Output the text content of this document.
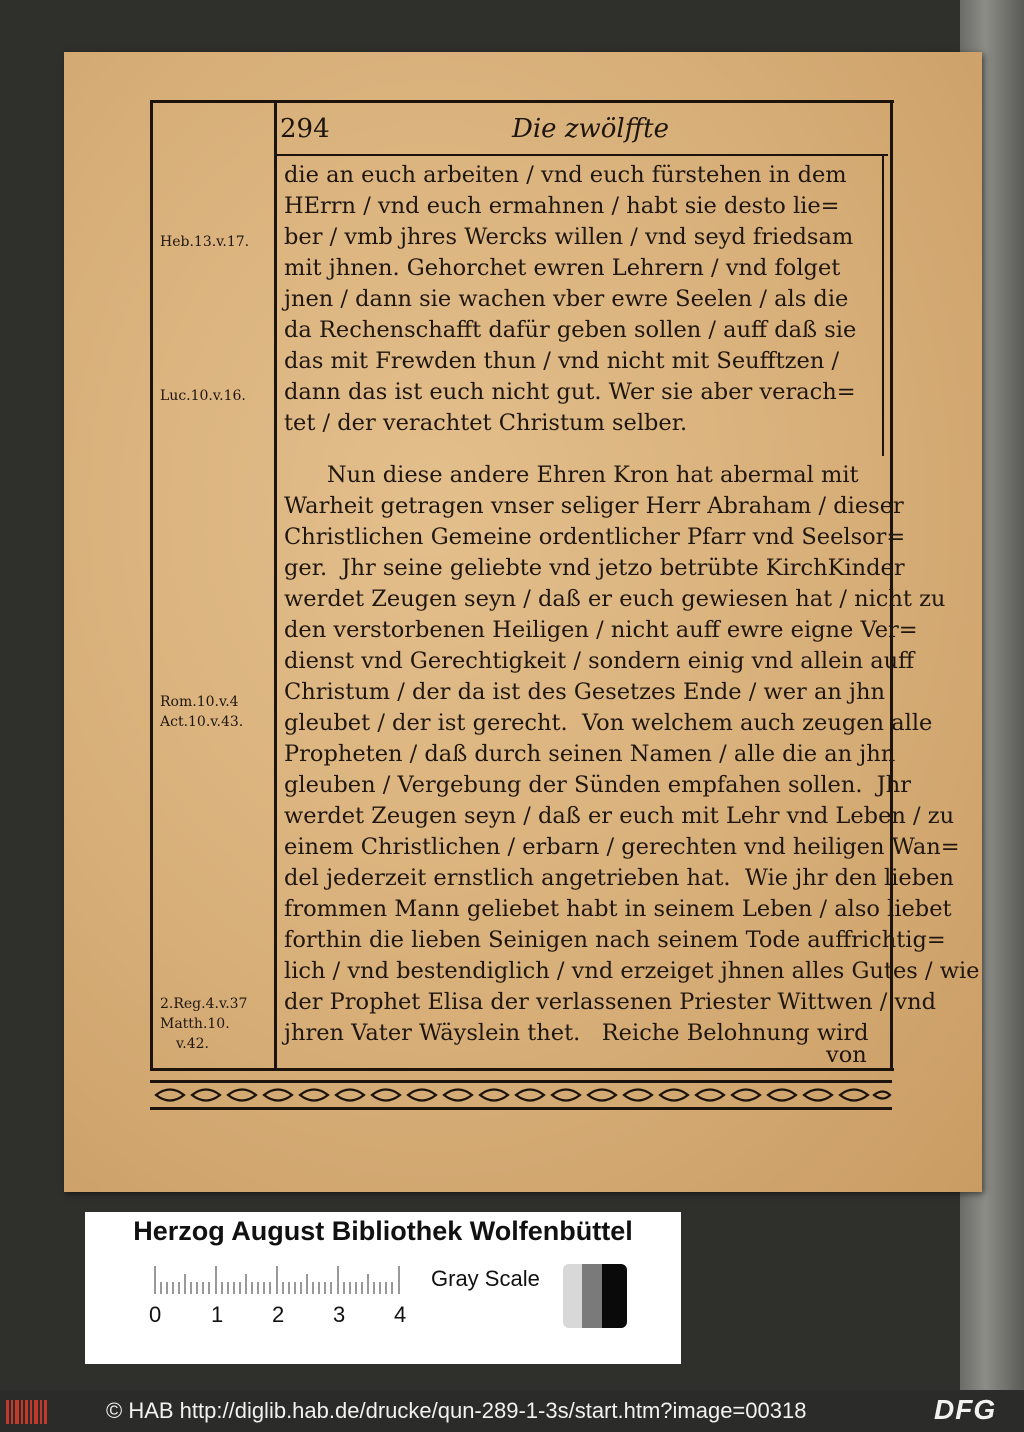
294	Die zwölffte
die an euch arbeiten / vnd euch fürstehen in dem
HErrn / vnd euch ermahnen / habt sie desto lie=
ber / vmb jhres Wercks willen / vnd seyd friedsam
mit jhnen. Gehorchet ewren Lehrern / vnd folget
jnen / dann sie wachen vber ewre Seelen / als die
da Rechenschafft dafür geben sollen / auff daß sie
das mit Frewden thun / vnd nicht mit Seufftzen /
dann das ist euch nicht gut. Wer sie aber verach=
tet / der verachtet Christum selber.
Nun diese andere Ehren Kron hat abermal mit
Warheit getragen vnser seliger Herr Abraham / dieser
Christlichen Gemeine ordentlicher Pfarr vnd Seelsor=
ger.  Jhr seine geliebte vnd jetzo betrübte KirchKinder
werdet Zeugen seyn / daß er euch gewiesen hat / nicht zu
den verstorbenen Heiligen / nicht auff ewre eigne Ver=
dienst vnd Gerechtigkeit / sondern einig vnd allein auff
Christum / der da ist des Gesetzes Ende / wer an jhn
gleubet / der ist gerecht.  Von welchem auch zeugen alle
Propheten / daß durch seinen Namen / alle die an jhn
gleuben / Vergebung der Sünden empfahen sollen.  Jhr
werdet Zeugen seyn / daß er euch mit Lehr vnd Leben / zu
einem Christlichen / erbarn / gerechten vnd heiligen Wan=
del jederzeit ernstlich angetrieben hat.  Wie jhr den lieben
frommen Mann geliebet habt in seinem Leben / also liebet
forthin die lieben Seinigen nach seinem Tode auffrichtig=
lich / vnd bestendiglich / vnd erzeiget jhnen alles Gutes / wie
der Prophet Elisa der verlassenen Priester Wittwen / vnd
jhren Vater Wäyslein thet.   Reiche Belohnung wird
von
Heb.13.v.17.
Luc.10.v.16.
Rom.10.v.4
Act.10.v.43.
2.Reg.4.v.37
Matth.10.
v.42.
Herzog August Bibliothek Wolfenbüttel
0 1 2 3 4
Gray Scale
© HAB http://diglib.hab.de/drucke/qun-289-1-3s/start.htm?image=00318	DFG
